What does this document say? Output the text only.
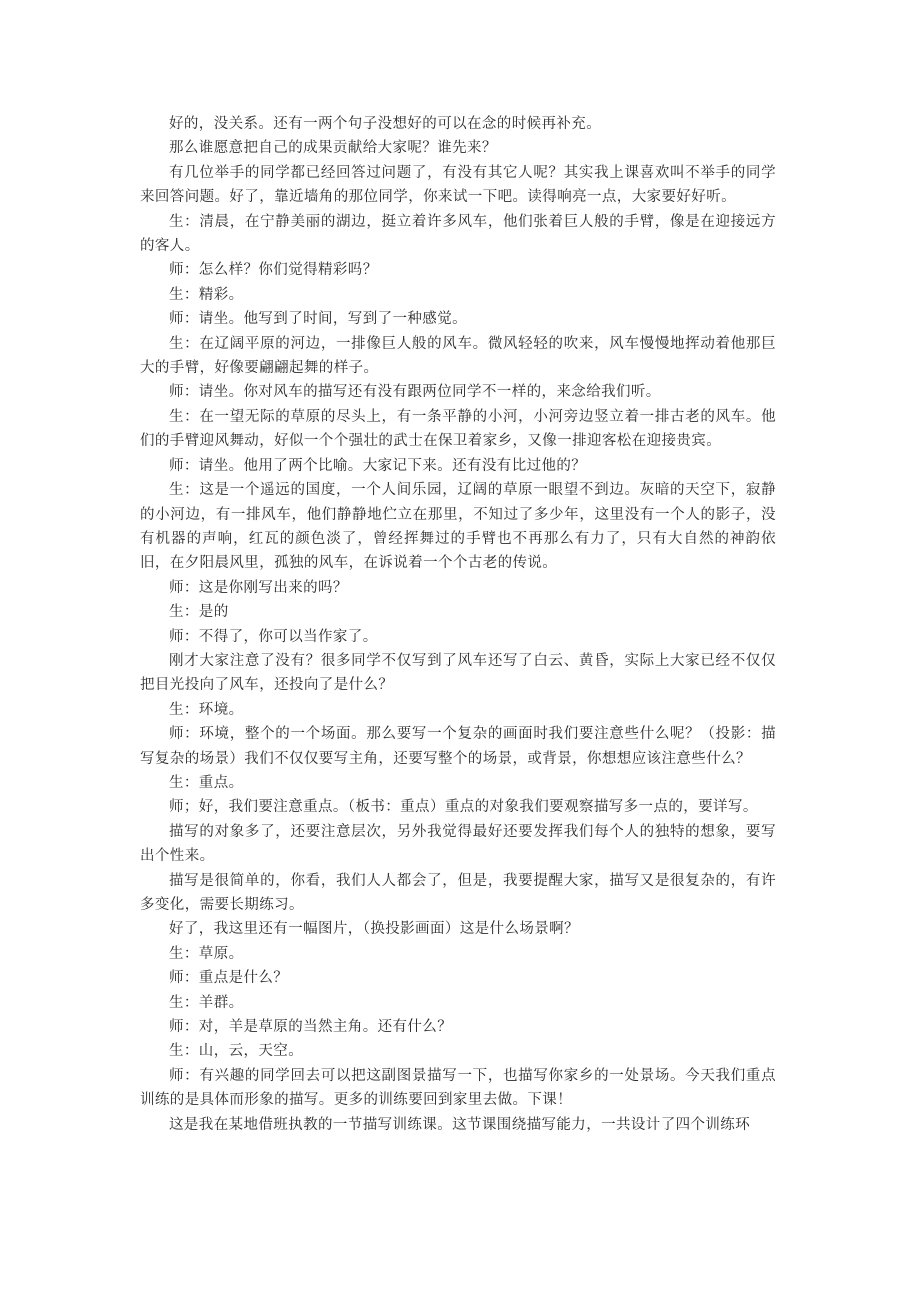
好的，没关系。还有一两个句子没想好的可以在念的时候再补充。

那么谁愿意把自己的成果贡献给大家呢？谁先来？

有几位举手的同学都已经回答过问题了，有没有其它人呢？其实我上课喜欢叫不举手的同学来回答问题。好了，靠近墙角的那位同学，你来试一下吧。读得响亮一点，大家要好好听。

生：清晨，在宁静美丽的湖边，挺立着许多风车，他们张着巨人般的手臂，像是在迎接远方的客人。

师：怎么样？你们觉得精彩吗？

生：精彩。

师：请坐。他写到了时间，写到了一种感觉。

生：在辽阔平原的河边，一排像巨人般的风车。微风轻轻的吹来，风车慢慢地挥动着他那巨大的手臂，好像要翩翩起舞的样子。

师：请坐。你对风车的描写还有没有跟两位同学不一样的，来念给我们听。

生：在一望无际的草原的尽头上，有一条平静的小河，小河旁边竖立着一排古老的风车。他们的手臂迎风舞动，好似一个个强壮的武士在保卫着家乡，又像一排迎客松在迎接贵宾。

师：请坐。他用了两个比喻。大家记下来。还有没有比过他的？

生：这是一个遥远的国度，一个人间乐园，辽阔的草原一眼望不到边。灰暗的天空下，寂静的小河边，有一排风车，他们静静地伫立在那里，不知过了多少年，这里没有一个人的影子，没有机器的声响，红瓦的颜色淡了，曾经挥舞过的手臂也不再那么有力了，只有大自然的神韵依旧，在夕阳晨风里，孤独的风车，在诉说着一个个古老的传说。

师：这是你刚写出来的吗？

生：是的

师：不得了，你可以当作家了。

刚才大家注意了没有？很多同学不仅写到了风车还写了白云、黄昏，实际上大家已经不仅仅把目光投向了风车，还投向了是什么？

生：环境。

师：环境，整个的一个场面。那么要写一个复杂的画面时我们要注意些什么呢？（投影：描写复杂的场景）我们不仅仅要写主角，还要写整个的场景，或背景，你想想应该注意些什么？

生：重点。

师；好，我们要注意重点。（板书：重点）重点的对象我们要观察描写多一点的，要详写。

描写的对象多了，还要注意层次，另外我觉得最好还要发挥我们每个人的独特的想象，要写出个性来。

描写是很简单的，你看，我们人人都会了，但是，我要提醒大家，描写又是很复杂的，有许多变化，需要长期练习。

好了，我这里还有一幅图片，（换投影画面）这是什么场景啊？

生：草原。

师：重点是什么？

生：羊群。

师：对，羊是草原的当然主角。还有什么？

生：山，云，天空。

师：有兴趣的同学回去可以把这副图景描写一下，也描写你家乡的一处景场。今天我们重点训练的是具体而形象的描写。更多的训练要回到家里去做。下课！

这是我在某地借班执教的一节描写训练课。这节课围绕描写能力，一共设计了四个训练环
